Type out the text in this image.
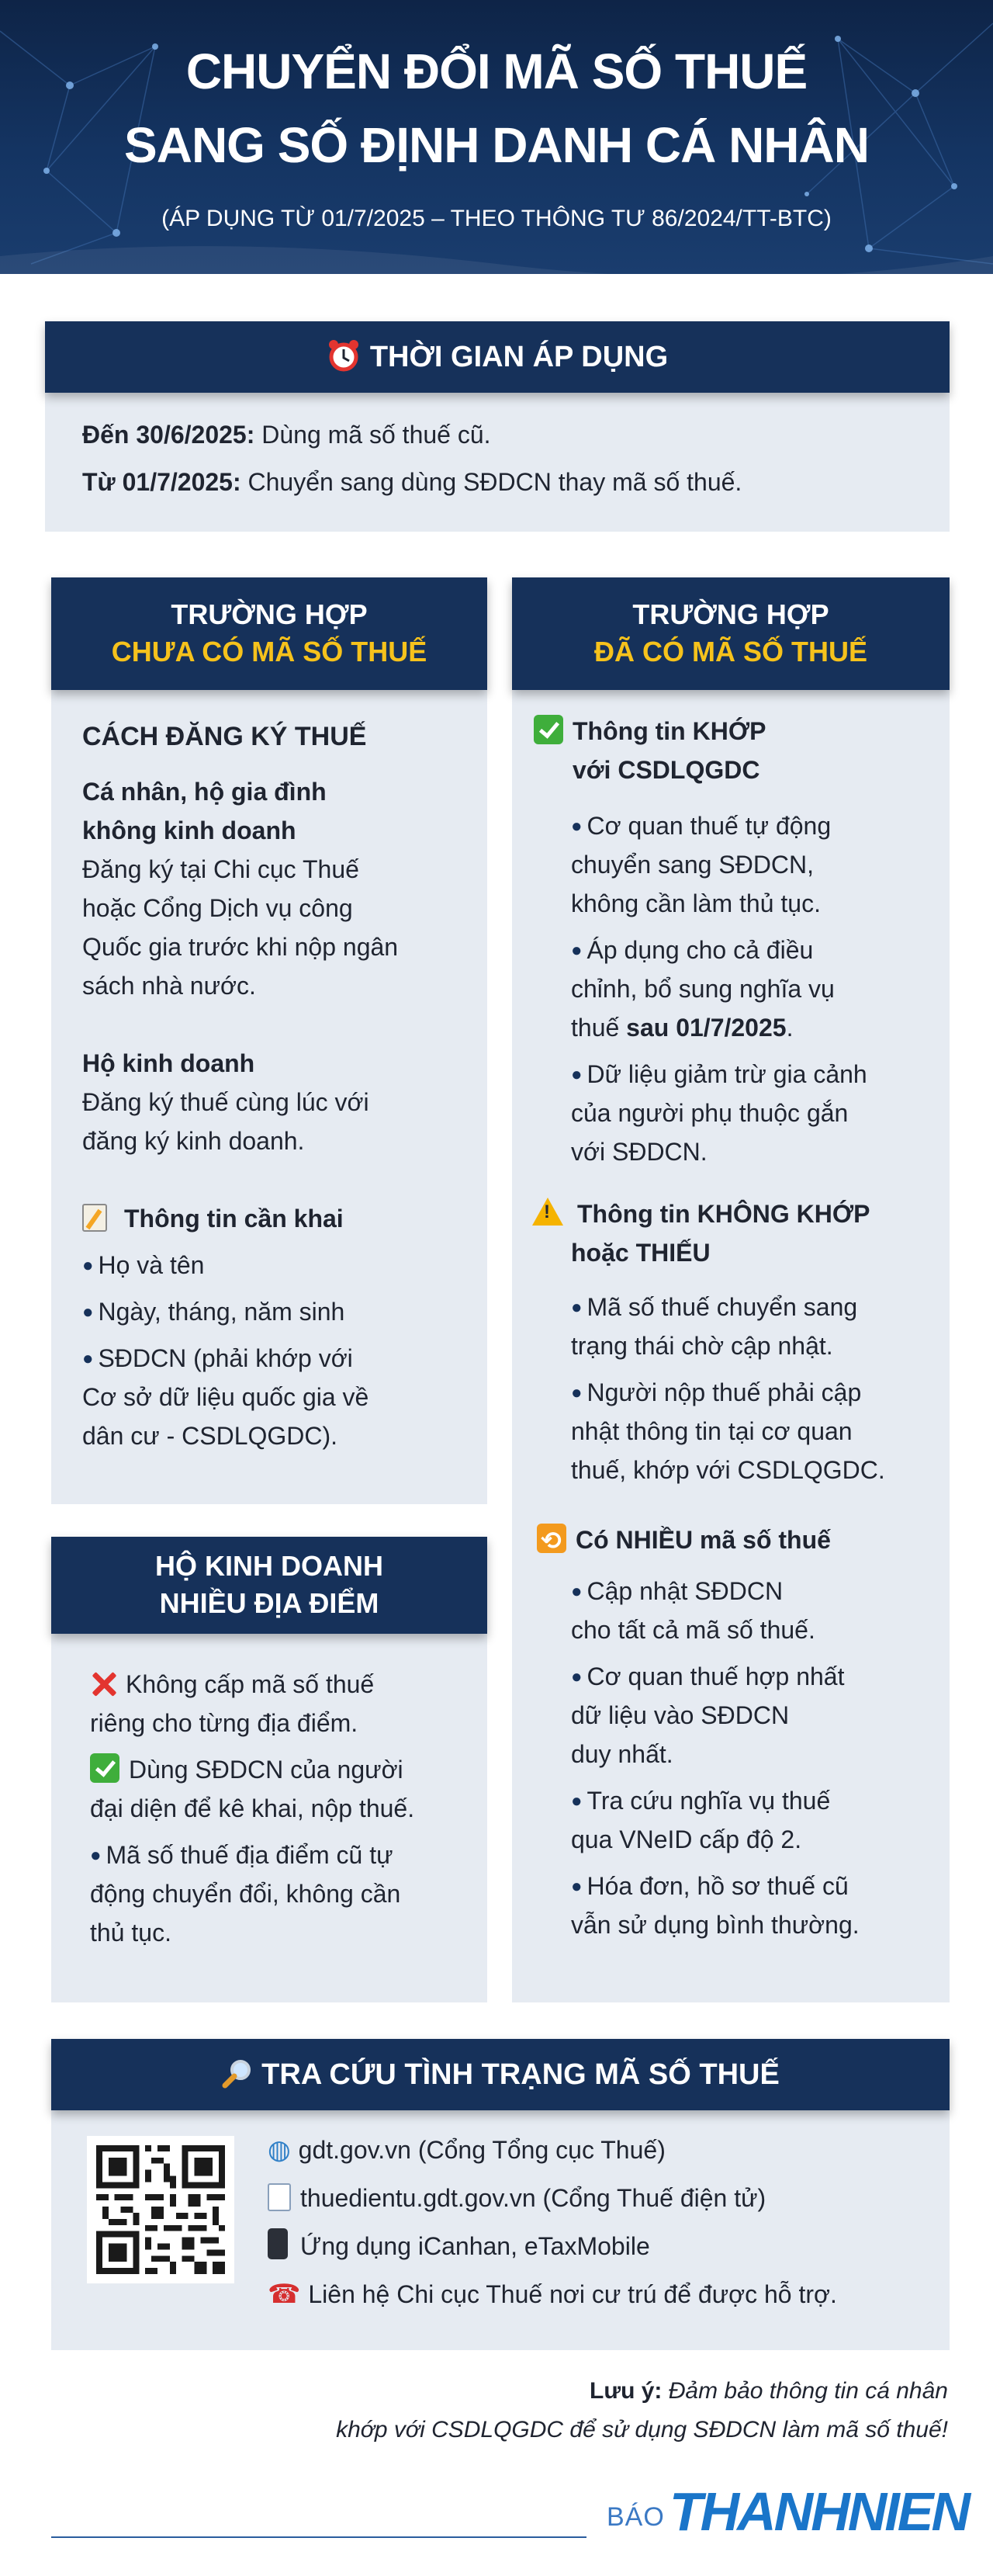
CHUYỂN ĐỔI MÃ SỐ THUẾ
SANG SỐ ĐỊNH DANH CÁ NHÂN
(ÁP DỤNG TỪ 01/7/2025 – THEO THÔNG TƯ 86/2024/TT-BTC)
THỜI GIAN ÁP DỤNG
Đến 30/6/2025: Dùng mã số thuế cũ.
Từ 01/7/2025: Chuyển sang dùng SĐDCN thay mã số thuế.
TRƯỜNG HỢP
CHƯA CÓ MÃ SỐ THUẾ
CÁCH ĐĂNG KÝ THUẾ
Cá nhân, hộ gia đình
không kinh doanh
Đăng ký tại Chi cục Thuế
hoặc Cổng Dịch vụ công
Quốc gia trước khi nộp ngân
sách nhà nước.
Hộ kinh doanh
Đăng ký thuế cùng lúc với
đăng ký kinh doanh.
Thông tin cần khai
● Họ và tên
● Ngày, tháng, năm sinh
● SĐDCN (phải khớp với
Cơ sở dữ liệu quốc gia về
dân cư - CSDLQGDC).
HỘ KINH DOANH
NHIỀU ĐỊA ĐIỂM
Không cấp mã số thuế
riêng cho từng địa điểm.
Dùng SĐDCN của người
đại diện để kê khai, nộp thuế.
● Mã số thuế địa điểm cũ tự
động chuyển đổi, không cần
thủ tục.
TRƯỜNG HỢP
ĐÃ CÓ MÃ SỐ THUẾ
Thông tin KHỚP
với CSDLQGDC
● Cơ quan thuế tự động
chuyển sang SĐDCN,
không cần làm thủ tục.
● Áp dụng cho cả điều
chỉnh, bổ sung nghĩa vụ
thuế sau 01/7/2025.
● Dữ liệu giảm trừ gia cảnh
của người phụ thuộc gắn
với SĐDCN.
!Thông tin KHÔNG KHỚP
hoặc THIẾU
● Mã số thuế chuyển sang
trạng thái chờ cập nhật.
● Người nộp thuế phải cập
nhật thông tin tại cơ quan
thuế, khớp với CSDLQGDC.
⟲Có NHIỀU mã số thuế
● Cập nhật SĐDCN
cho tất cả mã số thuế.
● Cơ quan thuế hợp nhất
dữ liệu vào SĐDCN
duy nhất.
● Tra cứu nghĩa vụ thuế
qua VNeID cấp độ 2.
● Hóa đơn, hồ sơ thuế cũ
vẫn sử dụng bình thường.
TRA CỨU TÌNH TRẠNG MÃ SỐ THUẾ
◍ gdt.gov.vn (Cổng Tổng cục Thuế)
thuedientu.gdt.gov.vn (Cổng Thuế điện tử)
Ứng dụng iCanhan, eTaxMobile
☎ Liên hệ Chi cục Thuế nơi cư trú để được hỗ trợ.
Lưu ý: Đảm bảo thông tin cá nhân
khớp với CSDLQGDC để sử dụng SĐDCN làm mã số thuế!
BÁOTHANHNIEN
